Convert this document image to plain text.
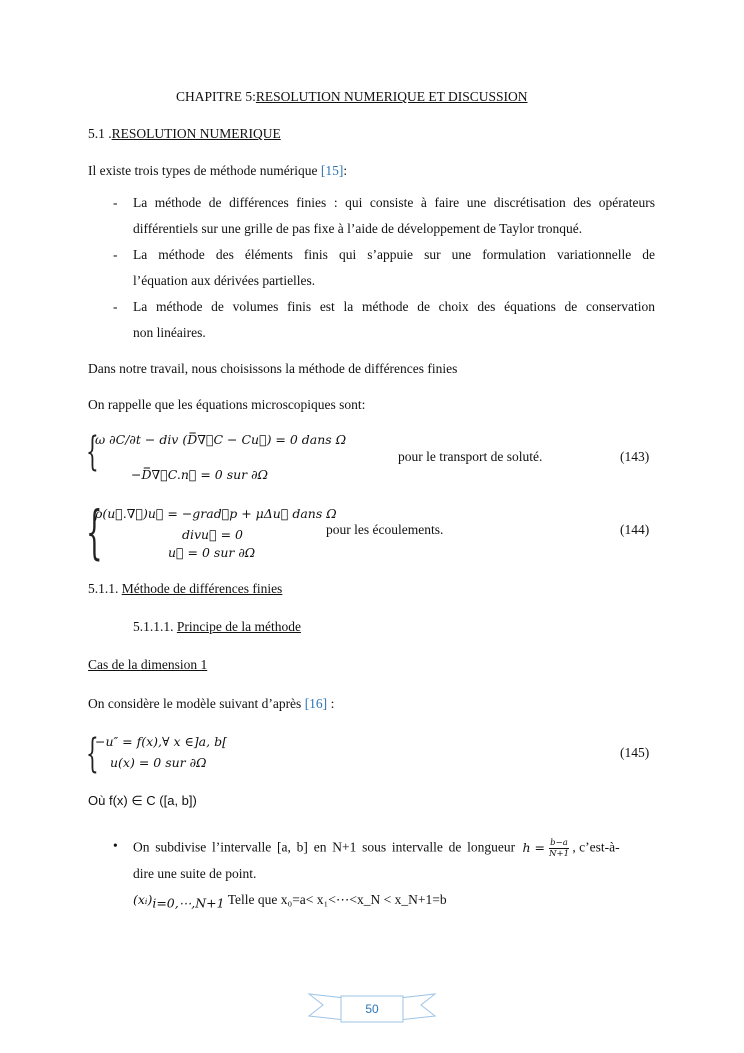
CHAPITRE 5:RESOLUTION NUMERIQUE ET DISCUSSION
5.1 .RESOLUTION NUMERIQUE
Il existe trois types de méthode numérique [15]:
- La méthode de différences finies : qui consiste à faire une discrétisation des opérateurs
différentiels sur une grille de pas fixe à l’aide de développement de Taylor tronqué.
- La méthode des éléments finis qui s’appuie sur une formulation variationnelle de
l’équation aux dérivées partielles.
- La méthode de volumes finis est la méthode de choix des équations de conservation
non linéaires.
Dans notre travail, nous choisissons la méthode de différences finies
On rappelle que les équations microscopiques sont:
{
ω ∂C/∂t − div (D̿∇⃗C − Cu⃗) = 0 dans Ω
−D̿∇⃗C.n⃗ = 0 sur ∂Ω
pour le transport de soluté.	(143)
{
ρ(u⃗.∇⃗)u⃗ = −grad⃗p + μΔu⃗ dans Ω
divu⃗ = 0
u⃗ = 0 sur ∂Ω
pour les écoulements.	(144)
5.1.1. Méthode de différences finies
5.1.1.1. Principe de la méthode
Cas de la dimension 1
On considère le modèle suivant d’après [16] :
{
−u″ = f(x),∀ x ∈]a, b[
u(x) = 0 sur ∂Ω
(145)
Où f(x) ∈ C ([a, b])
• On subdivise l’intervalle [a, b] en N+1 sous intervalle de longueur $h = \frac{b-a}{N+1}$ , c’est-à-
dire une suite de point.
$(xᵢ)_{i=0,\cdots,N+1}$ Telle que x₀=a< x₁<⋯<x_N < x_N+1=b
50
